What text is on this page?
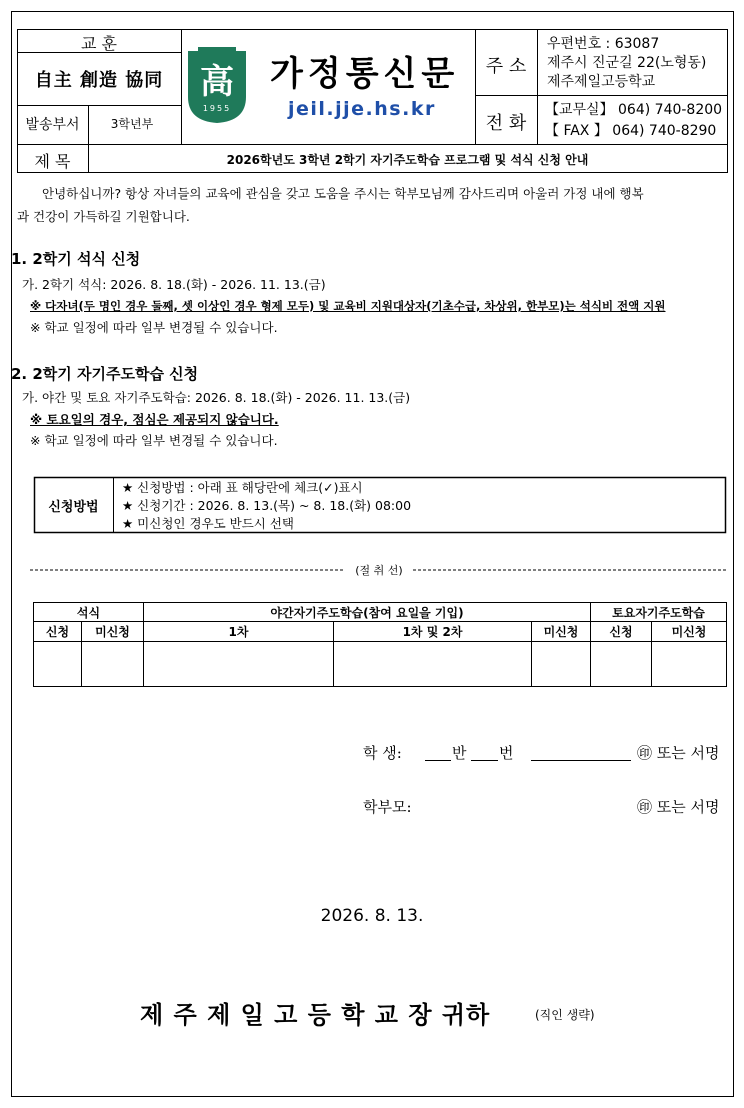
교 훈
自主 創造 協同
발송부서	3학년부
高
1955
가정통신문
jeil.jje.hs.kr
주 소
우편번호 : 63087
제주시 진군길 22(노형동)
제주제일고등학교
전 화
【교무실】 064) 740-8200
【 FAX 】 064) 740-8290
제 목	2026학년도 3학년 2학기 자기주도학습 프로그램 및 석식 신청 안내
안녕하십니까? 항상 자녀들의 교육에 관심을 갖고 도움을 주시는 학부모님께 감사드리며 아울러 가정 내에 행복
과 건강이 가득하길 기원합니다.
1. 2학기 석식 신청
가. 2학기 석식: 2026. 8. 18.(화) - 2026. 11. 13.(금)
※ 다자녀(두 명인 경우 둘째, 셋 이상인 경우 형제 모두) 및 교육비 지원대상자(기초수급, 차상위, 한부모)는 석식비 전액 지원
※ 학교 일정에 따라 일부 변경될 수 있습니다.
2. 2학기 자기주도학습 신청
가. 야간 및 토요 자기주도학습: 2026. 8. 18.(화) - 2026. 11. 13.(금)
※ 토요일의 경우, 점심은 제공되지 않습니다.
※ 학교 일정에 따라 일부 변경될 수 있습니다.
신청방법
★ 신청방법 : 아래 표 해당란에 체크(✓)표시
★ 신청기간 : 2026. 8. 13.(목) ~ 8. 18.(화) 08:00
★ 미신청인 경우도 반드시 선택
(절 취 선)
석식		야간자기주도학습(참여 요일을 기입)			토요자기주도학습	
신청	미신청	1차	1차 및 2차	미신청	신청	미신청

학 생:	반 번	㊞ 또는 서명
학부모:	㊞ 또는 서명
2026. 8. 13.
제 주 제 일 고 등 학 교 장 귀하	(직인 생략)
